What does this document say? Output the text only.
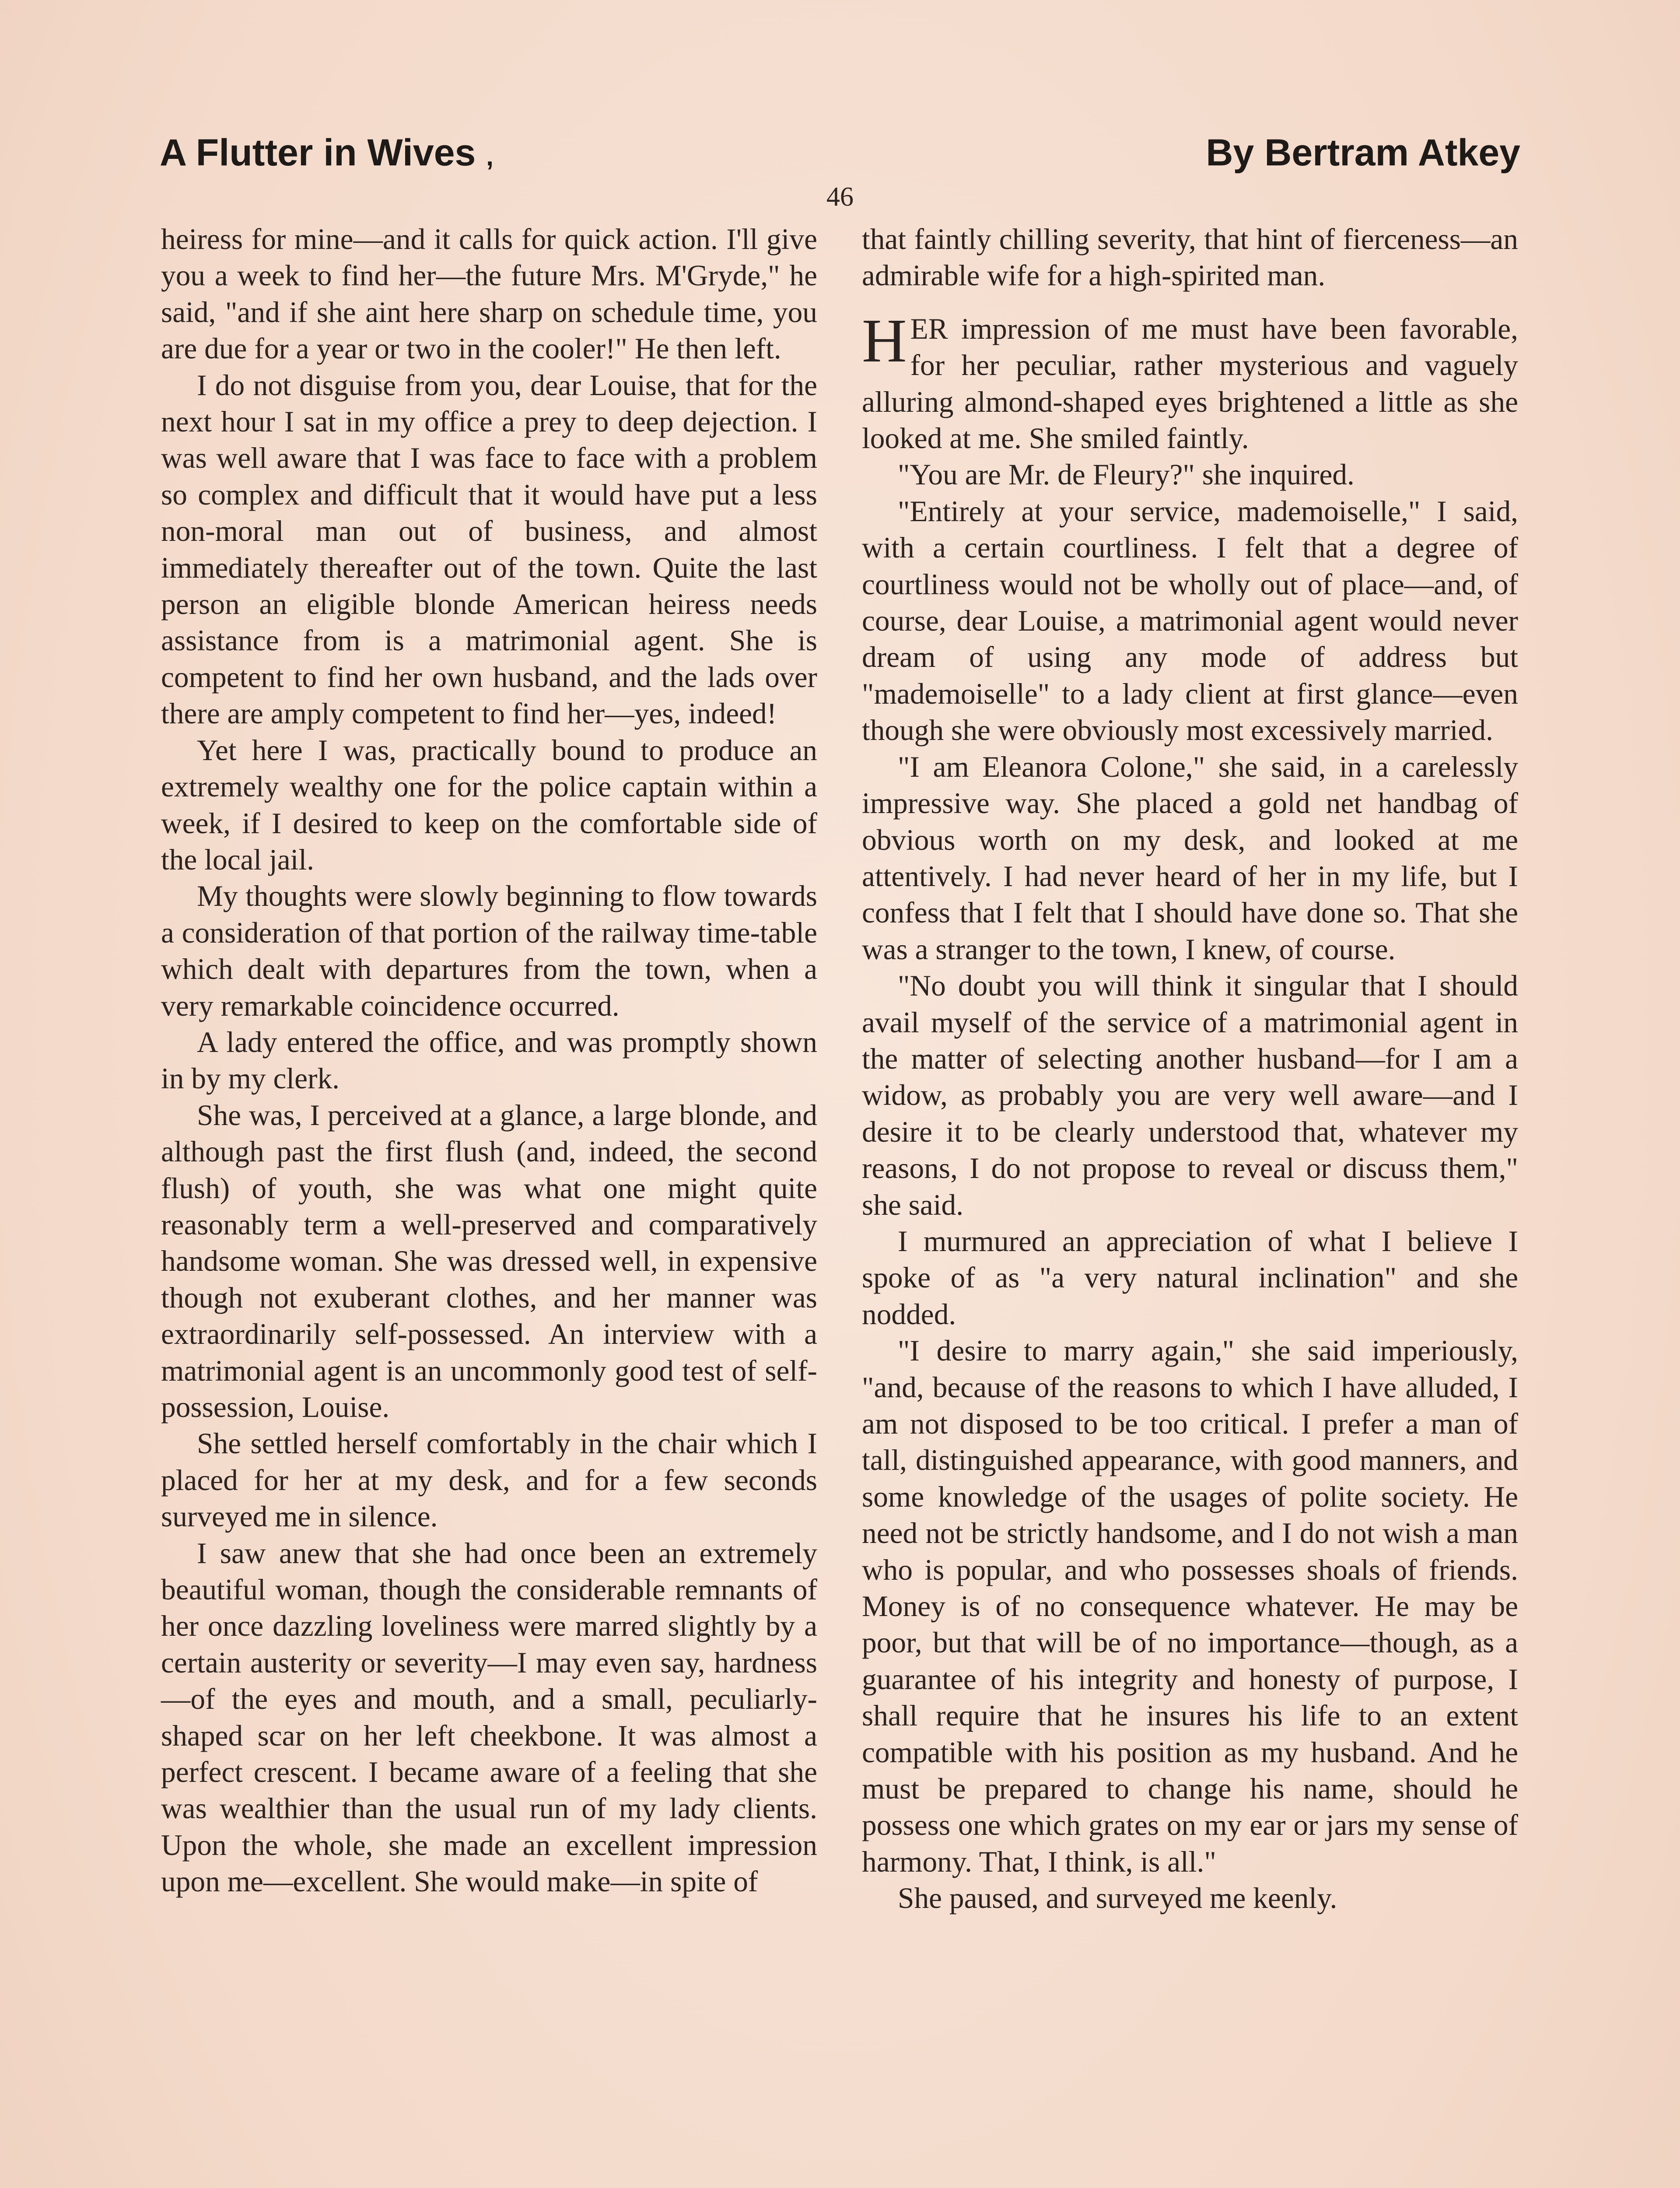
A Flutter in Wives ,	By Bertram Atkey
46

heiress for mine—and it calls for quick action. I'll give you a week to find her—the future Mrs. M'Gryde," he said, "and if she aint here sharp on schedule time, you are due for a year or two in the cooler!" He then left.

I do not disguise from you, dear Louise, that for the next hour I sat in my office a prey to deep dejection. I was well aware that I was face to face with a problem so complex and difficult that it would have put a less non-moral man out of business, and almost immediately thereafter out of the town. Quite the last person an eligible blonde American heiress needs assistance from is a matrimonial agent. She is competent to find her own husband, and the lads over there are amply competent to find her—yes, indeed!

Yet here I was, practically bound to produce an extremely wealthy one for the police captain within a week, if I desired to keep on the comfortable side of the local jail.

My thoughts were slowly beginning to flow towards a consideration of that portion of the railway time-table which dealt with departures from the town, when a very remarkable coincidence occurred.

A lady entered the office, and was promptly shown in by my clerk.

She was, I perceived at a glance, a large blonde, and although past the first flush (and, indeed, the second flush) of youth, she was what one might quite reasonably term a well-preserved and comparatively handsome woman. She was dressed well, in expensive though not exuberant clothes, and her manner was extraordinarily self-possessed. An interview with a matrimonial agent is an uncommonly good test of self-possession, Louise.

She settled herself comfortably in the chair which I placed for her at my desk, and for a few seconds surveyed me in silence.

I saw anew that she had once been an extremely beautiful woman, though the considerable remnants of her once dazzling loveliness were marred slightly by a certain austerity or severity—I may even say, hardness—of the eyes and mouth, and a small, peculiarly-shaped scar on her left cheekbone. It was almost a perfect crescent. I became aware of a feeling that she was wealthier than the usual run of my lady clients. Upon the whole, she made an excellent impression upon me—excellent. She would make—in spite of

that faintly chilling severity, that hint of fierceness—an admirable wife for a high-spirited man.

HER impression of me must have been favorable, for her peculiar, rather mysterious and vaguely alluring almond-shaped eyes brightened a little as she looked at me. She smiled faintly.

"You are Mr. de Fleury?" she inquired.

"Entirely at your service, mademoiselle," I said, with a certain courtliness. I felt that a degree of courtliness would not be wholly out of place—and, of course, dear Louise, a matrimonial agent would never dream of using any mode of address but "mademoiselle" to a lady client at first glance—even though she were obviously most excessively married.

"I am Eleanora Colone," she said, in a carelessly impressive way. She placed a gold net handbag of obvious worth on my desk, and looked at me attentively. I had never heard of her in my life, but I confess that I felt that I should have done so. That she was a stranger to the town, I knew, of course.

"No doubt you will think it singular that I should avail myself of the service of a matrimonial agent in the matter of selecting another husband—for I am a widow, as probably you are very well aware—and I desire it to be clearly understood that, whatever my reasons, I do not propose to reveal or discuss them," she said.

I murmured an appreciation of what I believe I spoke of as "a very natural inclination" and she nodded.

"I desire to marry again," she said imperiously, "and, because of the reasons to which I have alluded, I am not disposed to be too critical. I prefer a man of tall, distinguished appearance, with good manners, and some knowledge of the usages of polite society. He need not be strictly handsome, and I do not wish a man who is popular, and who possesses shoals of friends. Money is of no consequence whatever. He may be poor, but that will be of no importance—though, as a guarantee of his integrity and honesty of purpose, I shall require that he insures his life to an extent compatible with his position as my husband. And he must be prepared to change his name, should he possess one which grates on my ear or jars my sense of harmony. That, I think, is all."

She paused, and surveyed me keenly.
